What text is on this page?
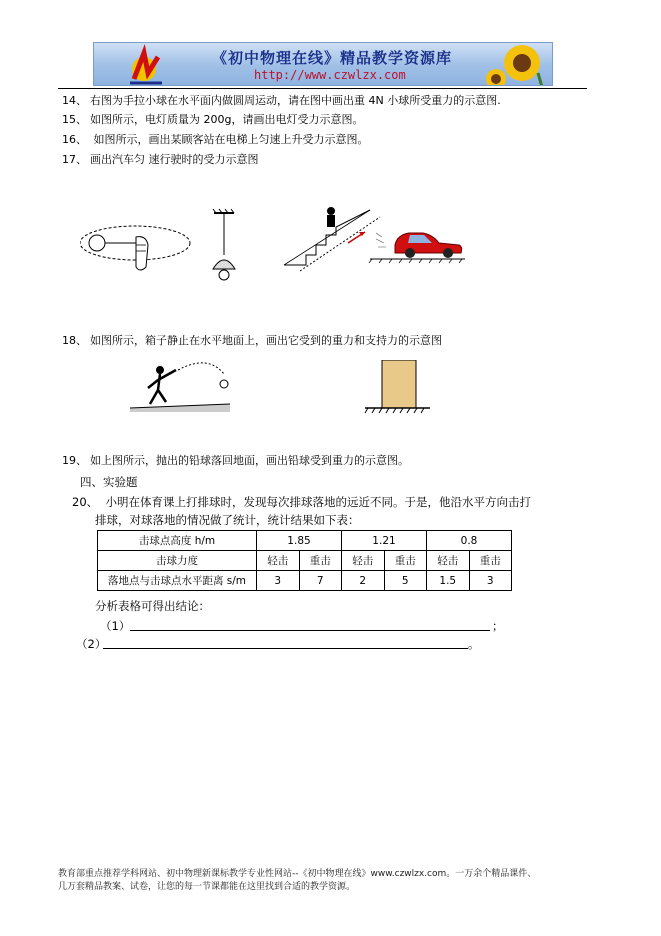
《初中物理在线》精品教学资源库
http://www.czwlzx.com
14、 右图为手拉小球在水平面内做圆周运动，请在图中画出重 4N 小球所受重力的示意图.
15、 如图所示，电灯质量为 200g，请画出电灯受力示意图。
16、 如图所示，画出某顾客站在电梯上匀速上升受力示意图。
17、 画出汽车匀 速行驶时的受力示意图
18、 如图所示，箱子静止在水平地面上，画出它受到的重力和支持力的示意图
19、 如上图所示，抛出的铅球落回地面，画出铅球受到重力的示意图。
四、实验题
20、 小明在体育课上打排球时，发现每次排球落地的远近不同。于是，他沿水平方向击打
排球，对球落地的情况做了统计，统计结果如下表：
击球点高度 h/m	1.85		1.21		0.8	
击球力度	轻击	重击	轻击	重击	轻击	重击
落地点与击球点水平距离 s/m	3	7	2	5	1.5	3
分析表格可得出结论：
（1）	；
（2）	。
教育部重点推荐学科网站、初中物理新课标教学专业性网站--《初中物理在线》www.czwlzx.com。一万余个精品课件、
几万套精品教案、试卷，让您的每一节课都能在这里找到合适的教学资源。
